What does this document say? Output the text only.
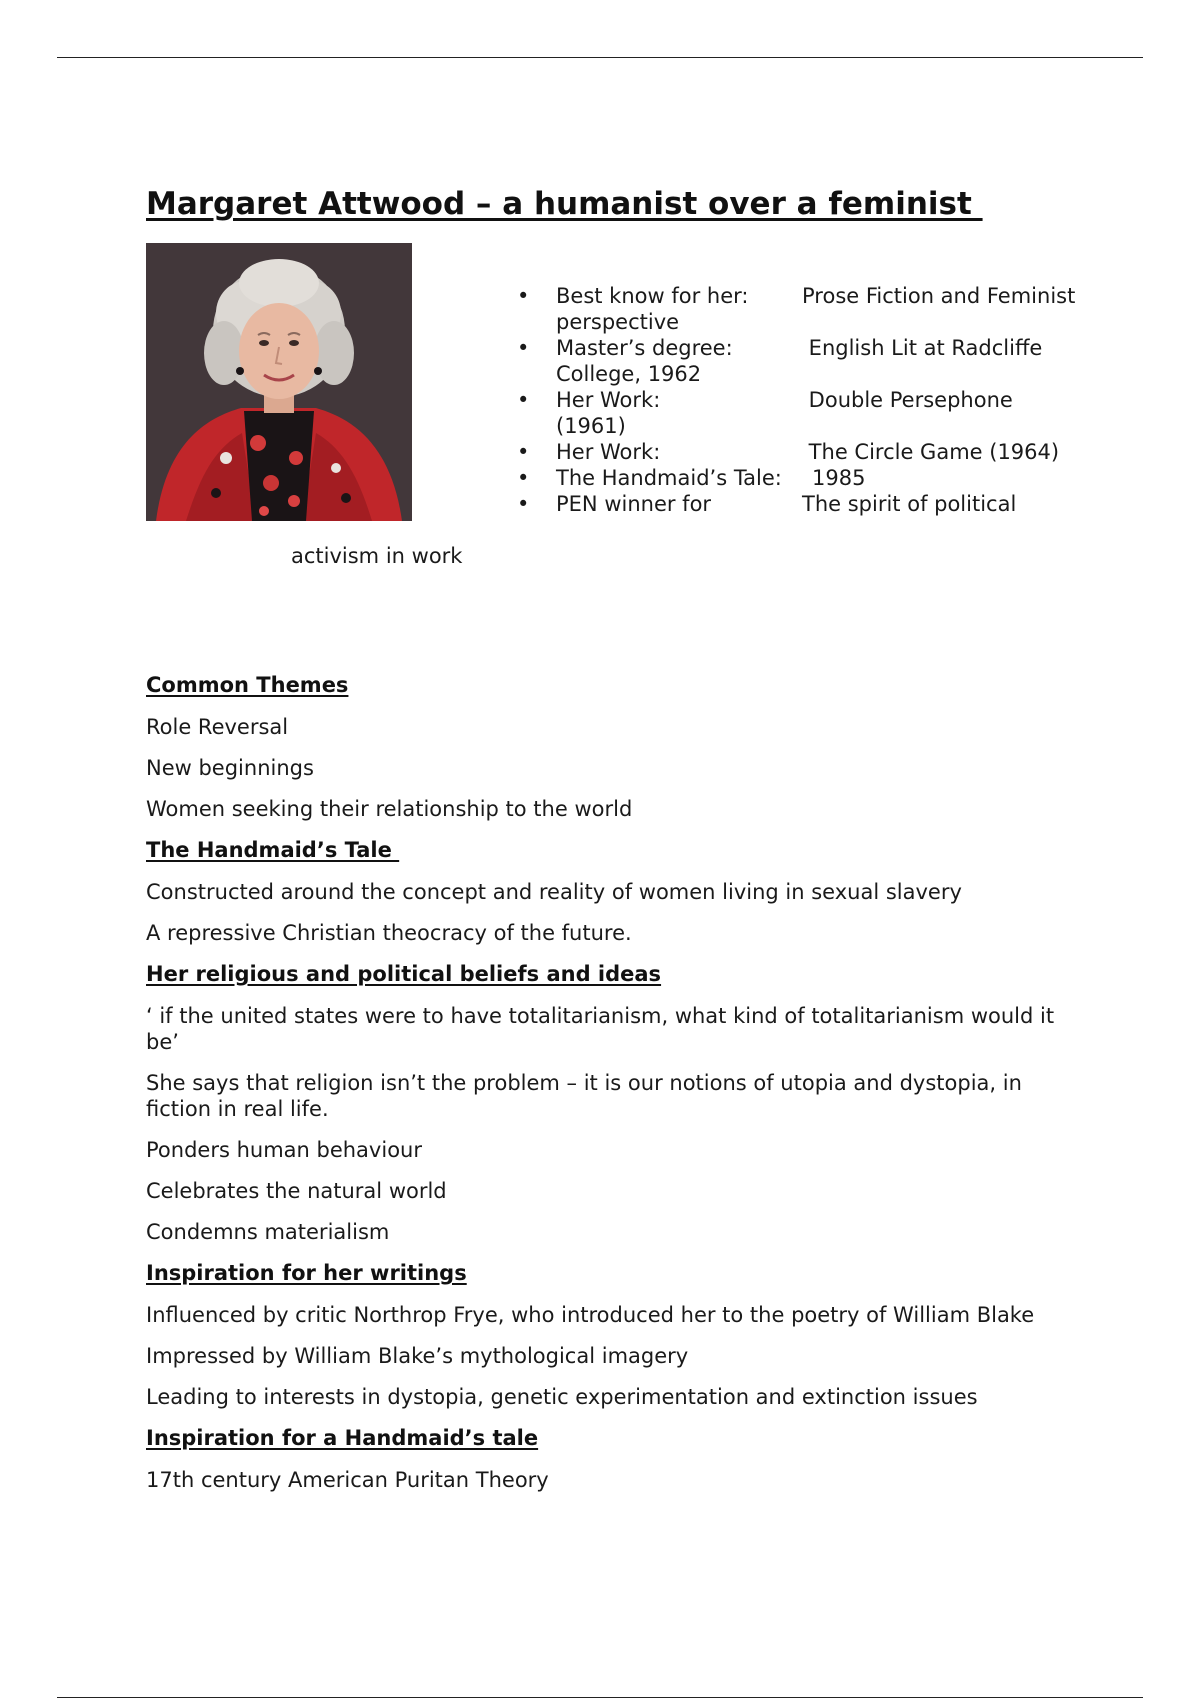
Margaret Attwood – a humanist over a feminist
• Best know for her:	Prose Fiction and Feminist perspective
• Master’s degree:	English Lit at Radcliffe College, 1962
• Her Work:	Double Persephone (1961)
• Her Work:	The Circle Game (1964)
• The Handmaid’s Tale: 1985
• PEN winner for	The spirit of political
activism in work
Common Themes

Role Reversal

New beginnings

Women seeking their relationship to the world

The Handmaid’s Tale

Constructed around the concept and reality of women living in sexual slavery

A repressive Christian theocracy of the future.

Her religious and political beliefs and ideas

‘ if the united states were to have totalitarianism, what kind of totalitarianism would it be’

She says that religion isn’t the problem – it is our notions of utopia and dystopia, in fiction in real life.

Ponders human behaviour

Celebrates the natural world

Condemns materialism

Inspiration for her writings

Influenced by critic Northrop Frye, who introduced her to the poetry of William Blake

Impressed by William Blake’s mythological imagery

Leading to interests in dystopia, genetic experimentation and extinction issues

Inspiration for a Handmaid’s tale

17th century American Puritan Theory
